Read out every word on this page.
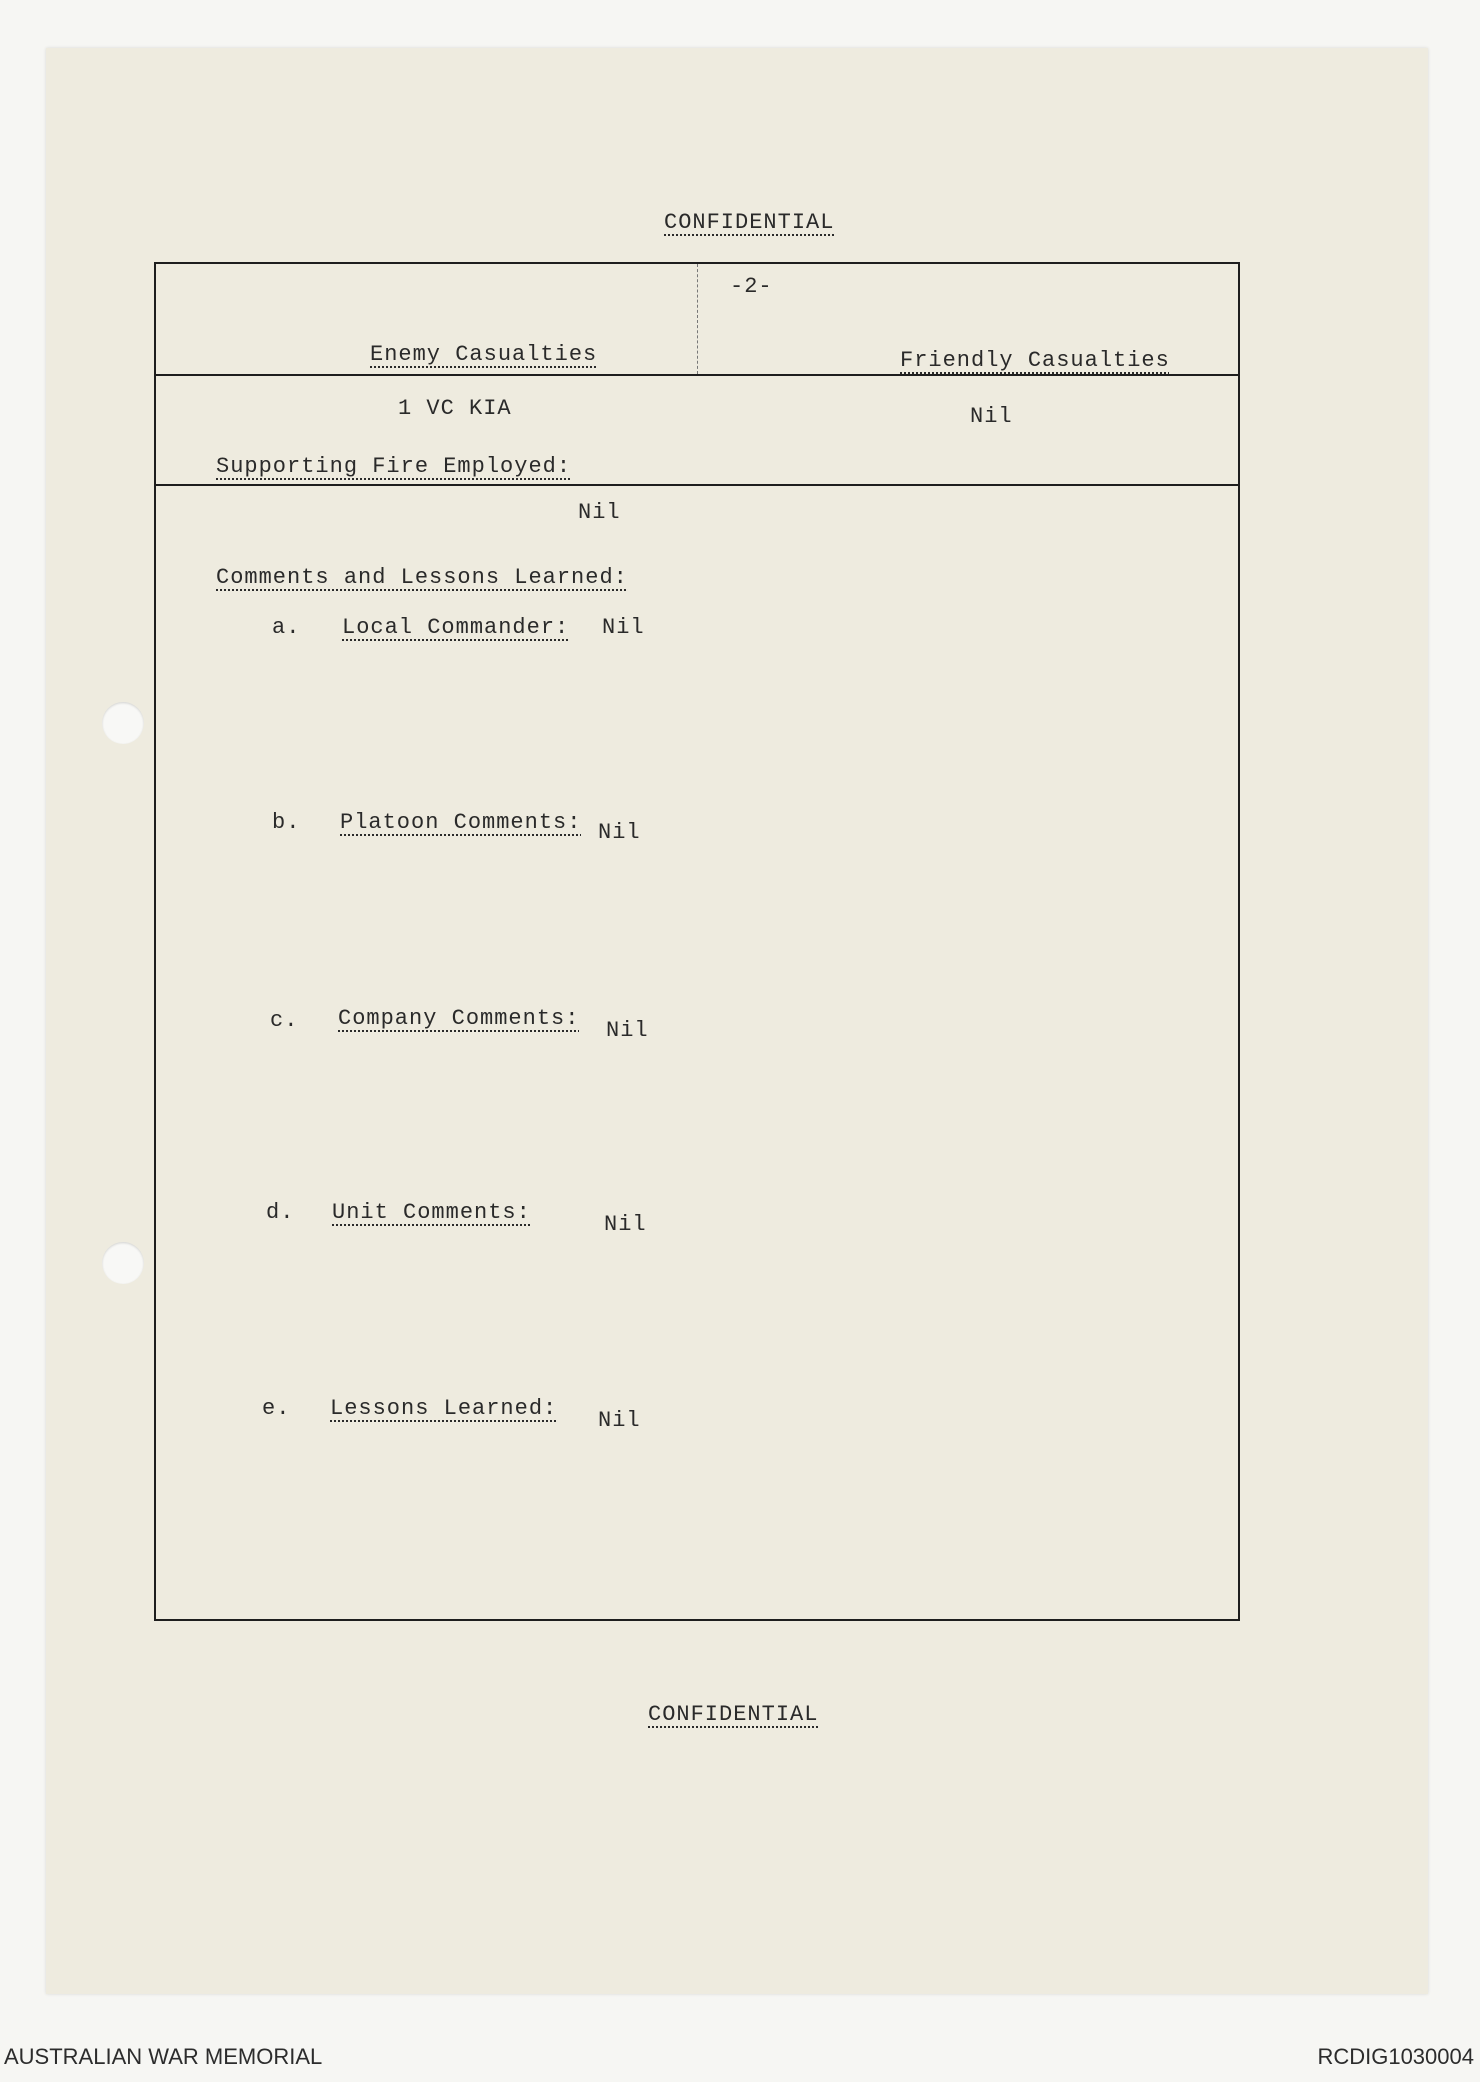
CONFIDENTIAL
-2-
Enemy Casualties
1 VC KIA
Friendly Casualties
Nil
Supporting Fire Employed:
Nil
Comments and Lessons Learned:
a. Local Commander: Nil
b. Platoon Comments: Nil
c. Company Comments: Nil
d. Unit Comments:	Nil
e. Lessons Learned: Nil
CONFIDENTIAL
AUSTRALIAN WAR MEMORIAL	RCDIG1030004
